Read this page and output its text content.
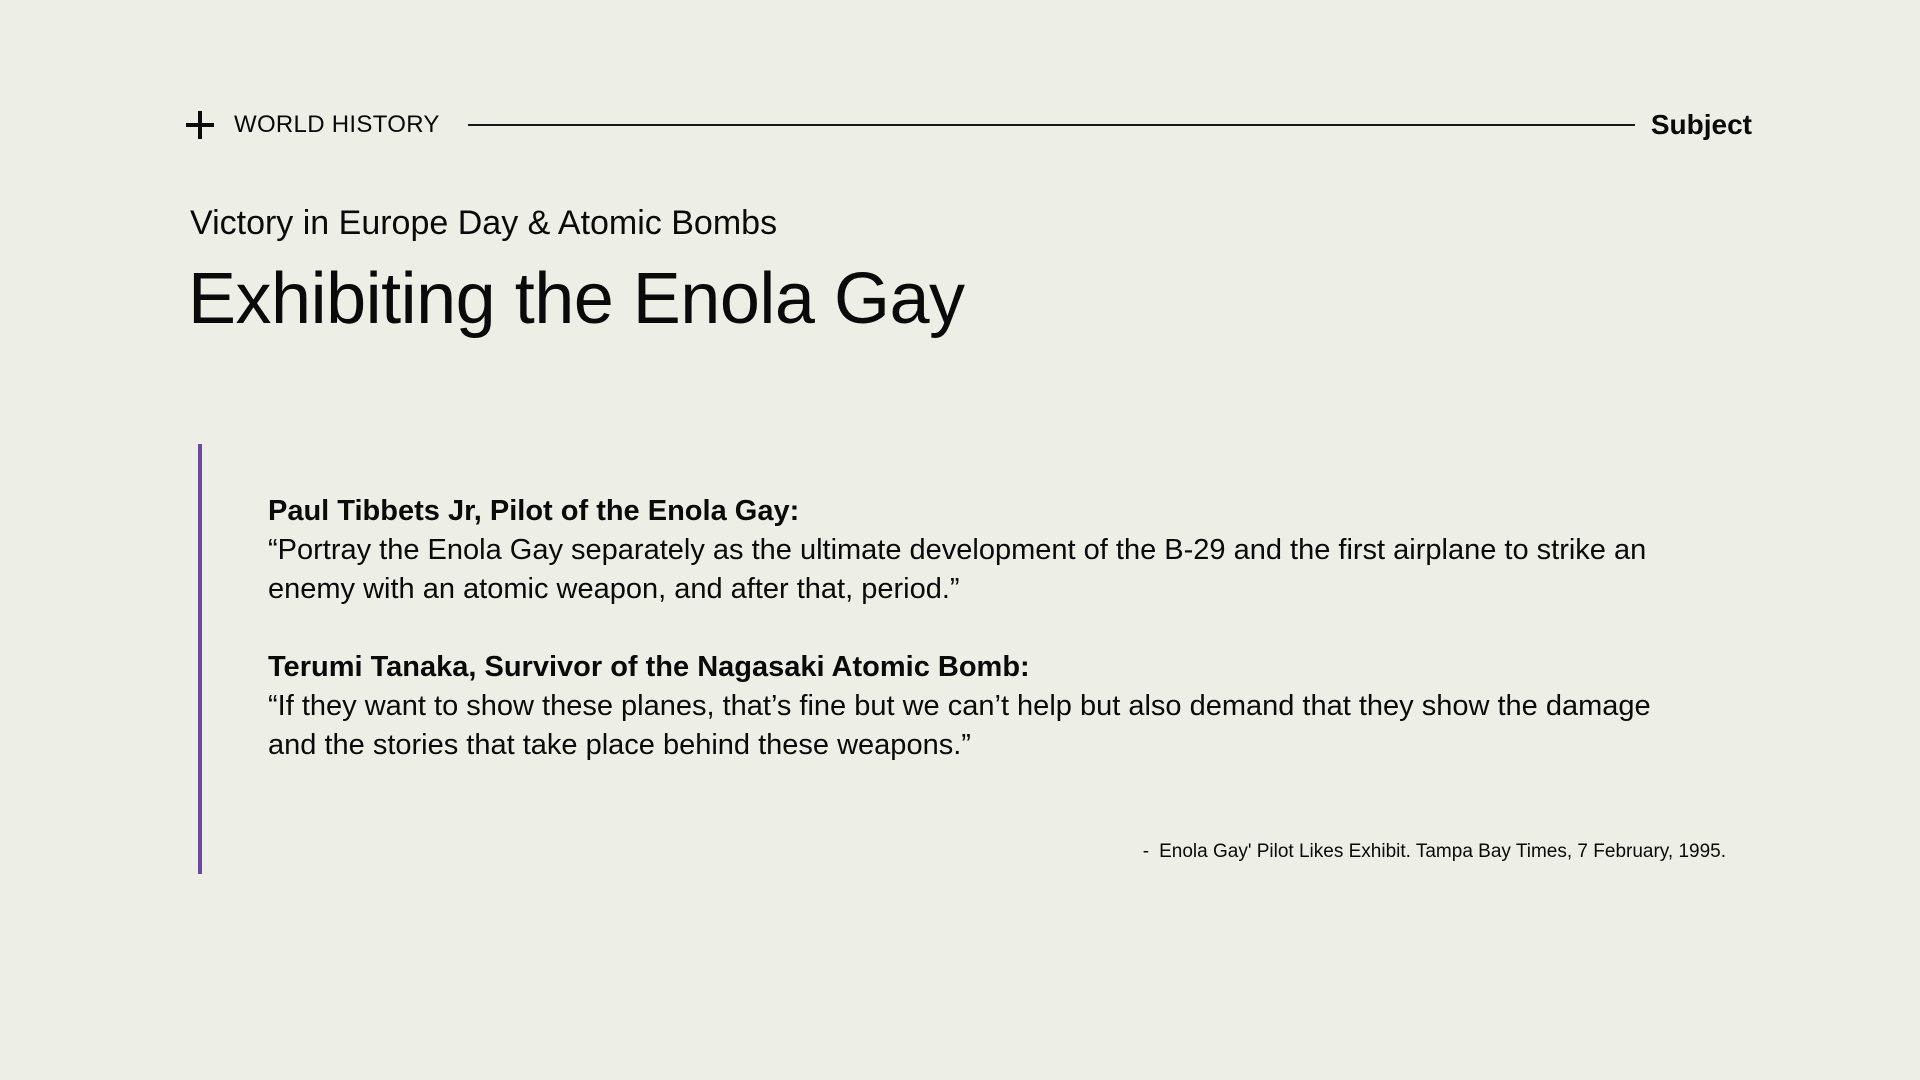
WORLD HISTORY	Subject
Victory in Europe Day & Atomic Bombs
Exhibiting the Enola Gay
Paul Tibbets Jr, Pilot of the Enola Gay:
“Portray the Enola Gay separately as the ultimate development of the B-29 and the first airplane to strike an enemy with an atomic weapon, and after that, period.”
Terumi Tanaka, Survivor of the Nagasaki Atomic Bomb:
“If they want to show these planes, that’s fine but we can’t help but also demand that they show the damage and the stories that take place behind these weapons.”
- Enola Gay' Pilot Likes Exhibit. Tampa Bay Times, 7 February, 1995.
